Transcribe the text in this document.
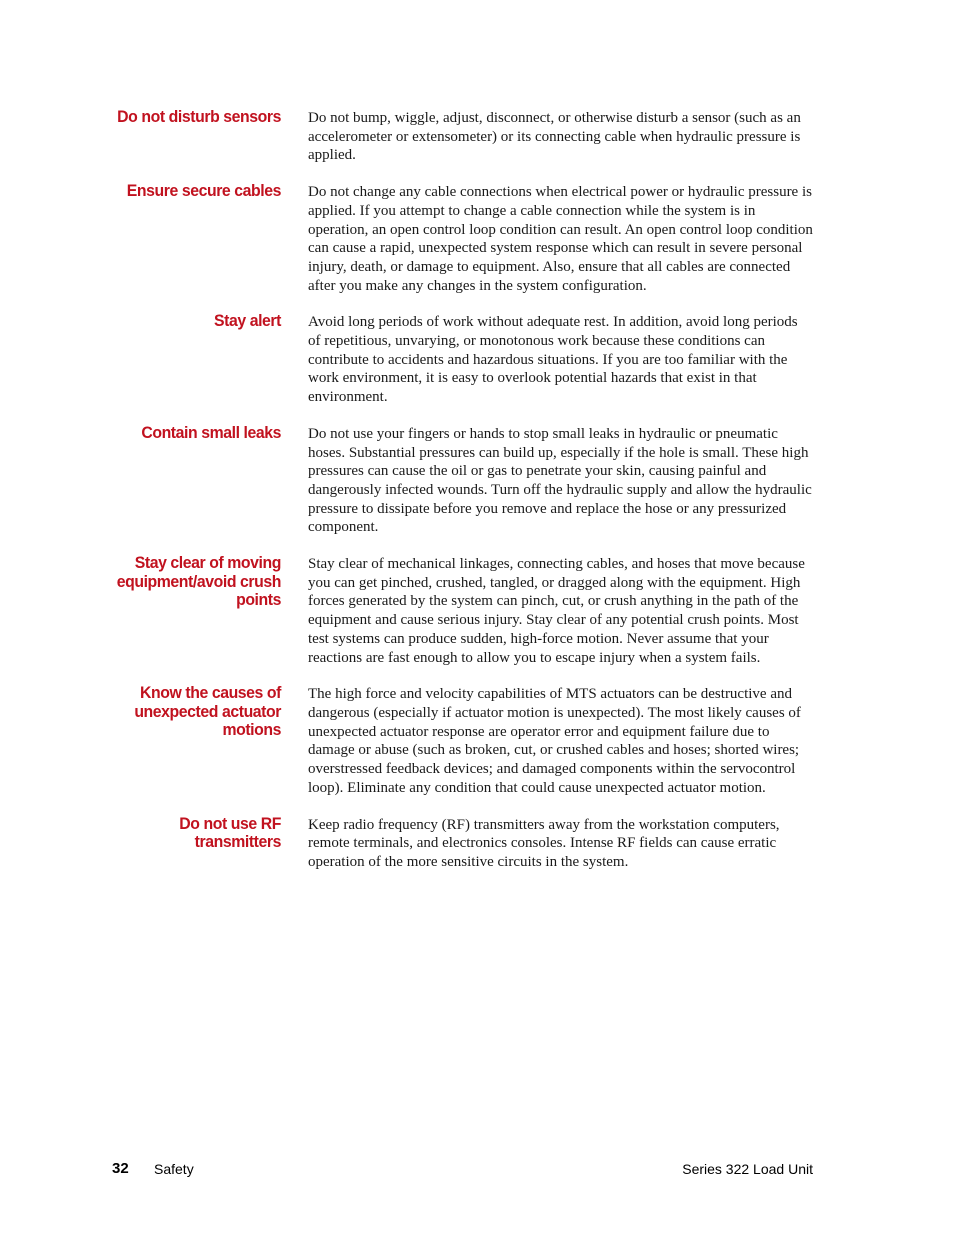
Do not disturb sensors Do not bump, wiggle, adjust, disconnect, or otherwise disturb a sensor (such as an accelerometer or extensometer) or its connecting cable when hydraulic pressure is applied.

Ensure secure cables Do not change any cable connections when electrical power or hydraulic pressure is applied. If you attempt to change a cable connection while the system is in operation, an open control loop condition can result. An open control loop condition can cause a rapid, unexpected system response which can result in severe personal injury, death, or damage to equipment. Also, ensure that all cables are connected after you make any changes in the system configuration.

Stay alert Avoid long periods of work without adequate rest. In addition, avoid long periods of repetitious, unvarying, or monotonous work because these conditions can contribute to accidents and hazardous situations. If you are too familiar with the work environment, it is easy to overlook potential hazards that exist in that environment.

Contain small leaks Do not use your fingers or hands to stop small leaks in hydraulic or pneumatic hoses. Substantial pressures can build up, especially if the hole is small. These high pressures can cause the oil or gas to penetrate your skin, causing painful and dangerously infected wounds. Turn off the hydraulic supply and allow the hydraulic pressure to dissipate before you remove and replace the hose or any pressurized component.

Stay clear of moving equipment/avoid crush points

Stay clear of mechanical linkages, connecting cables, and hoses that move because you can get pinched, crushed, tangled, or dragged along with the equipment. High forces generated by the system can pinch, cut, or crush anything in the path of the equipment and cause serious injury. Stay clear of any potential crush points. Most test systems can produce sudden, high-force motion. Never assume that your reactions are fast enough to allow you to escape injury when a system fails.

Know the causes of unexpected actuator motions

The high force and velocity capabilities of MTS actuators can be destructive and dangerous (especially if actuator motion is unexpected). The most likely causes of unexpected actuator response are operator error and equipment failure due to damage or abuse (such as broken, cut, or crushed cables and hoses; shorted wires; overstressed feedback devices; and damaged components within the servocontrol loop). Eliminate any condition that could cause unexpected actuator motion.

Do not use RF transmitters

Keep radio frequency (RF) transmitters away from the workstation computers, remote terminals, and electronics consoles. Intense RF fields can cause erratic operation of the more sensitive circuits in the system.

32 Safety	Series 322 Load Unit
